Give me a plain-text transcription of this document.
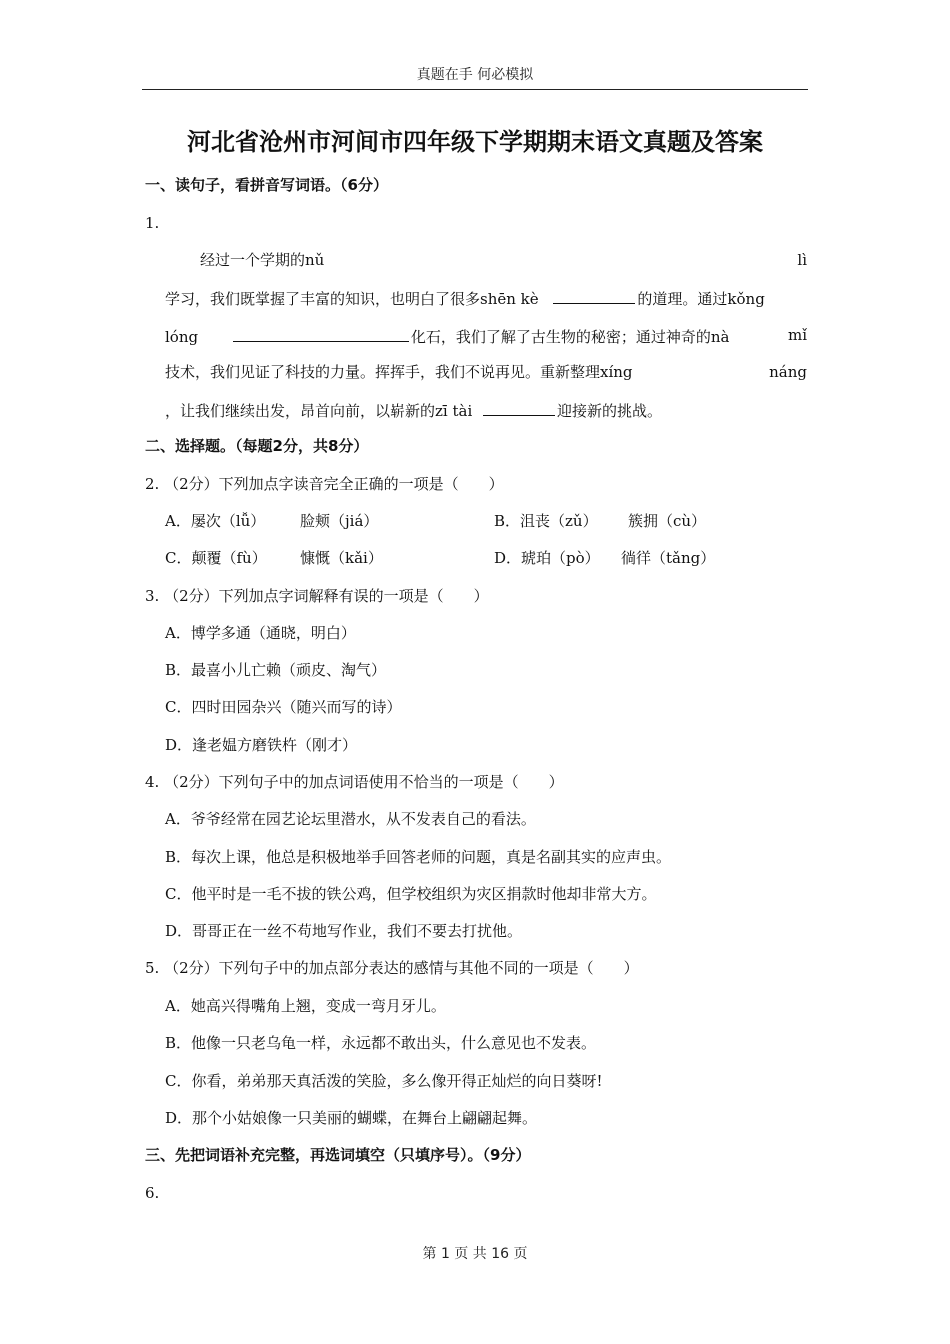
真题在手 何必模拟
河北省沧州市河间市四年级下学期期末语文真题及答案
一、读句子，看拼音写词语。（6分）
1.
经过一个学期的nǔ	lì
学习，我们既掌握了丰富的知识，也明白了很多shēn kè	的道理。通过kǒng
lóng	化石，我们了解了古生物的秘密；通过神奇的nà	mǐ
技术，我们见证了科技的力量。挥挥手，我们不说再见。重新整理xíng	náng
，让我们继续出发，昂首向前，以崭新的zī tài	迎接新的挑战。
二、选择题。（每题2分，共8分）
2. （2分）下列加点字读音完全正确的一项是（　　）
A．屡次（lǚ） 脸颊（jiá）	B．沮丧（zǔ） 簇拥（cù）
C．颠覆（fù） 慷慨（kǎi）	D．琥珀（pò） 徜徉（tǎng）
3. （2分）下列加点字词解释有误的一项是（　　）
A．博学多通（通晓，明白）
B．最喜小儿亡赖（顽皮、淘气）
C．四时田园杂兴（随兴而写的诗）
D．逢老媪方磨铁杵（刚才）
4. （2分）下列句子中的加点词语使用不恰当的一项是（　　）
A．爷爷经常在园艺论坛里潜水，从不发表自己的看法。
B．每次上课，他总是积极地举手回答老师的问题，真是名副其实的应声虫。
C．他平时是一毛不拔的铁公鸡，但学校组织为灾区捐款时他却非常大方。
D．哥哥正在一丝不苟地写作业，我们不要去打扰他。
5. （2分）下列句子中的加点部分表达的感情与其他不同的一项是（　　）
A．她高兴得嘴角上翘，变成一弯月牙儿。
B．他像一只老乌龟一样，永远都不敢出头，什么意见也不发表。
C．你看，弟弟那天真活泼的笑脸，多么像开得正灿烂的向日葵呀!
D．那个小姑娘像一只美丽的蝴蝶，在舞台上翩翩起舞。
三、先把词语补充完整，再选词填空（只填序号）。（9分）
6.
第 1 页 共 16 页
